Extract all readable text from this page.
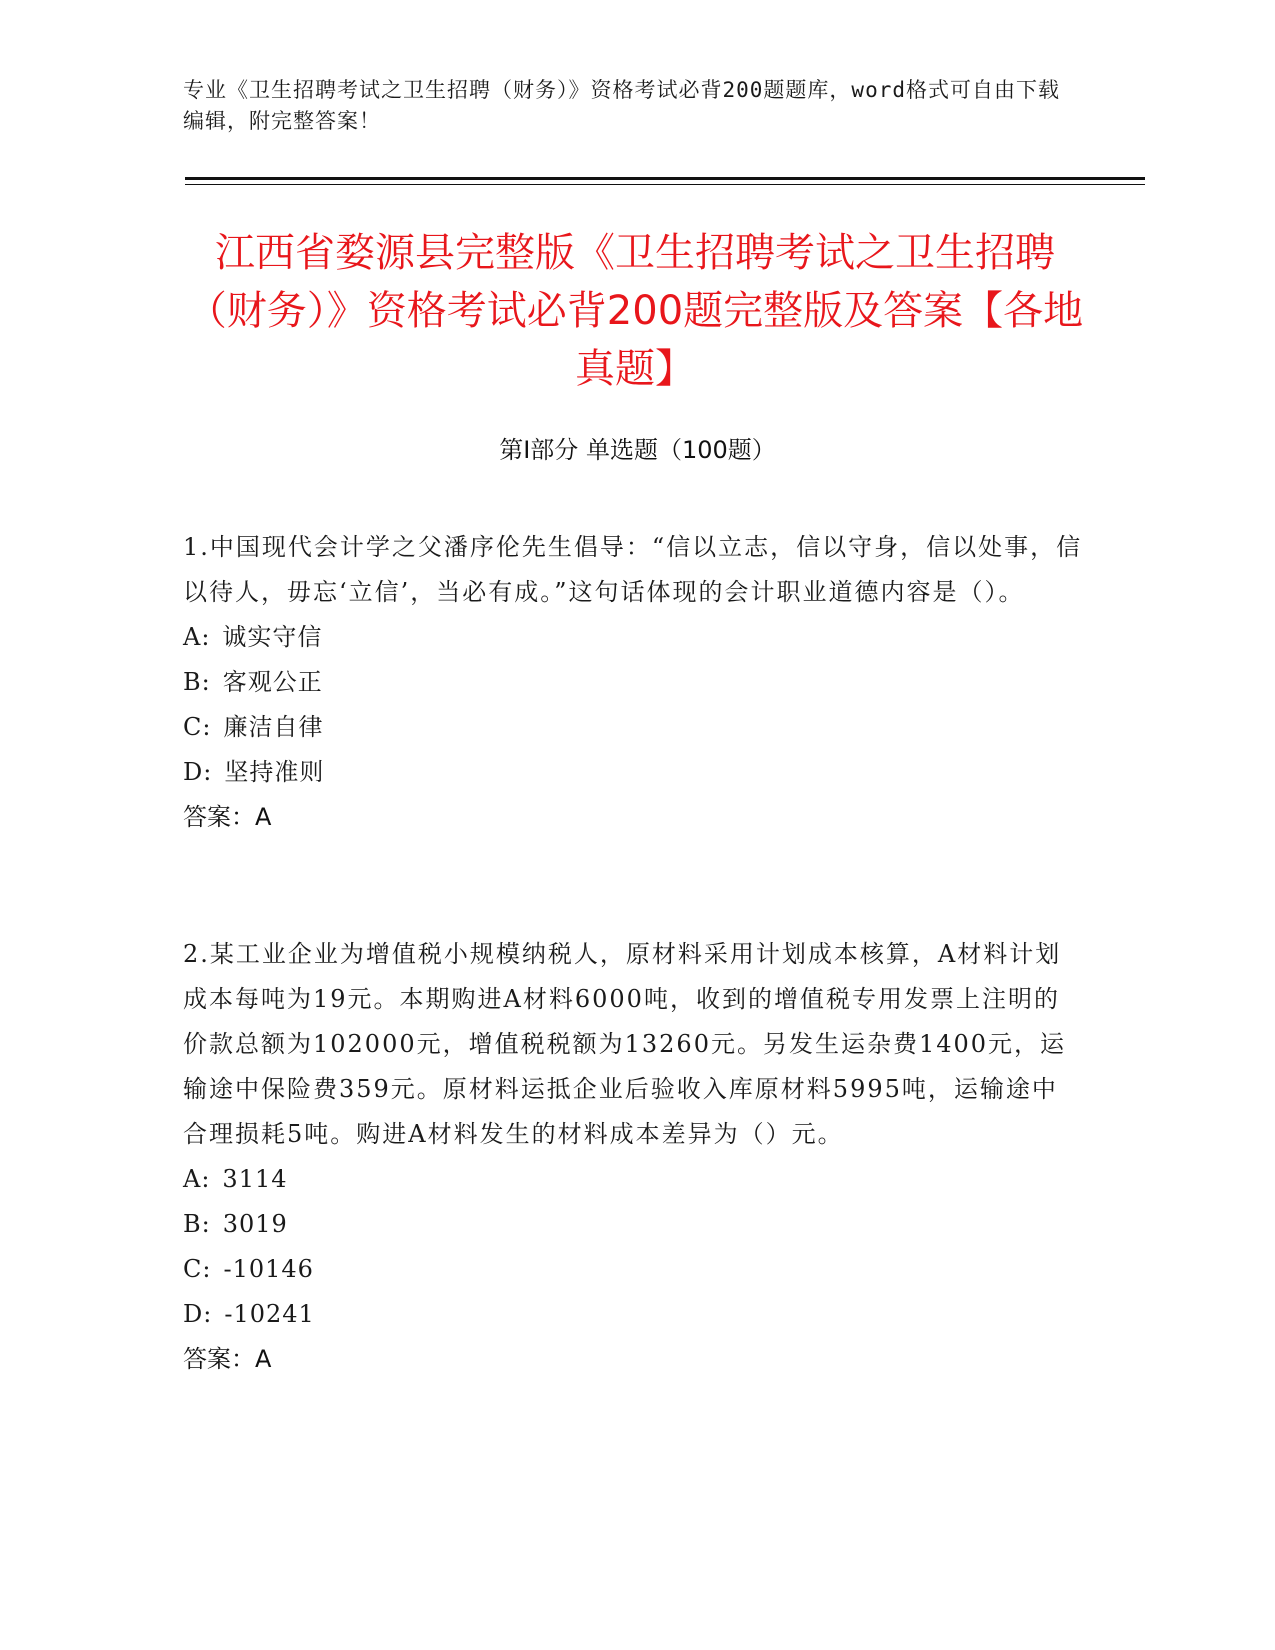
专业《卫生招聘考试之卫生招聘（财务）》资格考试必背200题题库，word格式可自由下载编辑，附完整答案！
江西省婺源县完整版《卫生招聘考试之卫生招聘（财务）》资格考试必背200题完整版及答案【各地真题】
第Ⅰ部分 单选题（100题）

1.中国现代会计学之父潘序伦先生倡导：“信以立志，信以守身，信以处事，信以待人，毋忘‘立信’，当必有成。”这句话体现的会计职业道德内容是（）。

A: 诚实守信
B: 客观公正
C: 廉洁自律
D: 坚持准则
答案：A

2.某工业企业为增值税小规模纳税人，原材料采用计划成本核算，A材料计划成本每吨为19元。本期购进A材料6000吨，收到的增值税专用发票上注明的价款总额为102000元，增值税税额为13260元。另发生运杂费1400元，运输途中保险费359元。原材料运抵企业后验收入库原材料5995吨，运输途中合理损耗5吨。购进A材料发生的材料成本差异为（）元。

A: 3114
B: 3019
C: -10146
D: -10241
答案：A
